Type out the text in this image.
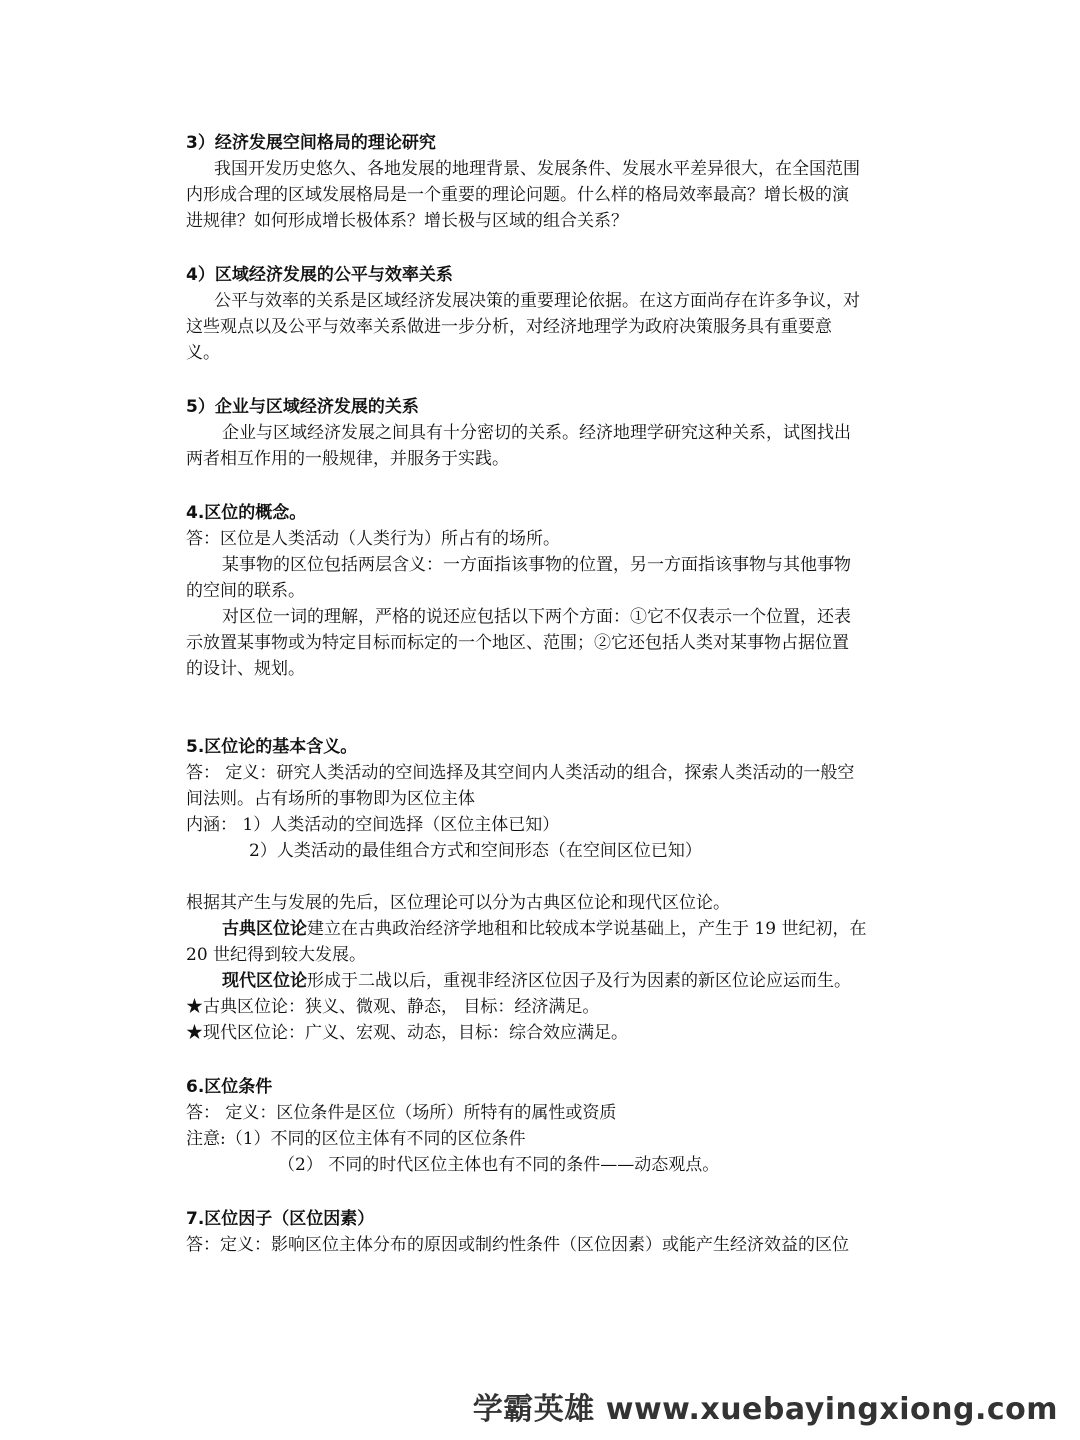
3）经济发展空间格局的理论研究
我国开发历史悠久、各地发展的地理背景、发展条件、发展水平差异很大，在全国范围
内形成合理的区域发展格局是一个重要的理论问题。什么样的格局效率最高？增长极的演
进规律？如何形成增长极体系？增长极与区域的组合关系？
4）区域经济发展的公平与效率关系
公平与效率的关系是区域经济发展决策的重要理论依据。在这方面尚存在许多争议，对
这些观点以及公平与效率关系做进一步分析，对经济地理学为政府决策服务具有重要意
义。
5）企业与区域经济发展的关系
企业与区域经济发展之间具有十分密切的关系。经济地理学研究这种关系，试图找出
两者相互作用的一般规律，并服务于实践。
4.区位的概念。
答：区位是人类活动（人类行为）所占有的场所。
某事物的区位包括两层含义：一方面指该事物的位置，另一方面指该事物与其他事物
的空间的联系。
对区位一词的理解，严格的说还应包括以下两个方面：①它不仅表示一个位置，还表
示放置某事物或为特定目标而标定的一个地区、范围；②它还包括人类对某事物占据位置
的设计、规划。
5.区位论的基本含义。
答： 定义：研究人类活动的空间选择及其空间内人类活动的组合，探索人类活动的一般空
间法则。占有场所的事物即为区位主体
内涵： 1）人类活动的空间选择（区位主体已知）
2）人类活动的最佳组合方式和空间形态（在空间区位已知）
根据其产生与发展的先后，区位理论可以分为古典区位论和现代区位论。
古典区位论建立在古典政治经济学地租和比较成本学说基础上，产生于 19 世纪初，在
20 世纪得到较大发展。
现代区位论形成于二战以后，重视非经济区位因子及行为因素的新区位论应运而生。
★古典区位论：狭义、微观、静态， 目标：经济满足。
★现代区位论：广义、宏观、动态，目标：综合效应满足。
6.区位条件
答： 定义：区位条件是区位（场所）所特有的属性或资质
注意:（1）不同的区位主体有不同的区位条件
（2） 不同的时代区位主体也有不同的条件——动态观点。
7.区位因子（区位因素）
答：定义：影响区位主体分布的原因或制约性条件（区位因素）或能产生经济效益的区位
学霸英雄 www.xuebayingxiong.com
